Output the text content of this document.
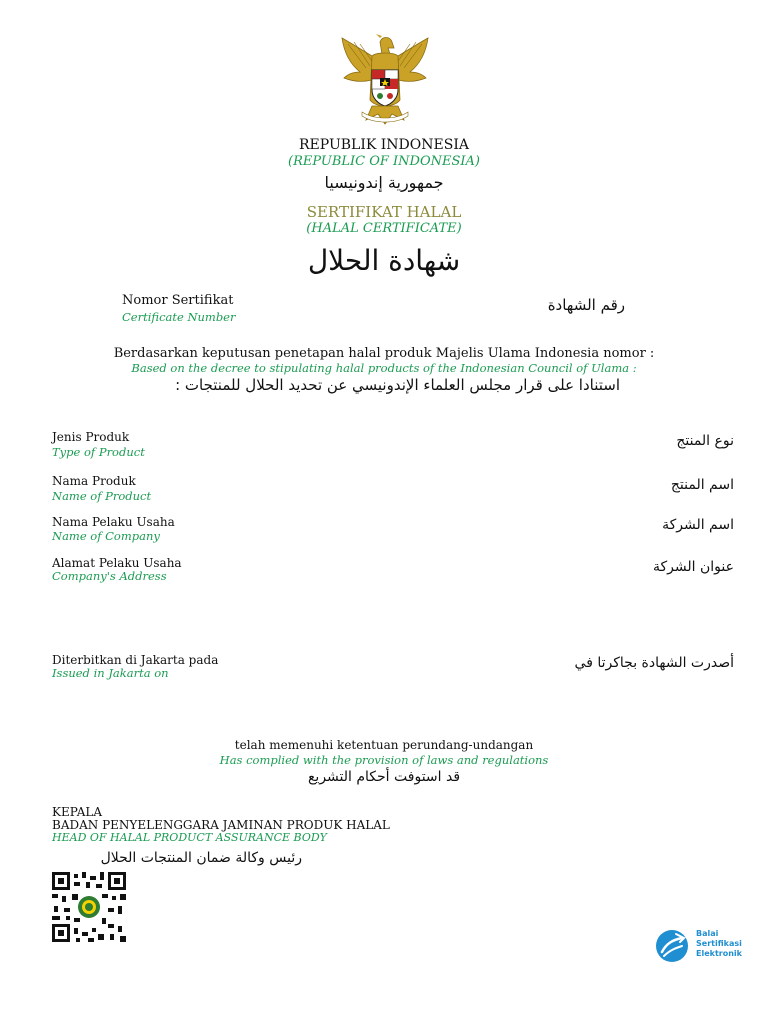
REPUBLIK INDONESIA
(REPUBLIC OF INDONESIA)
جمهورية إندونيسيا
SERTIFIKAT HALAL
(HALAL CERTIFICATE)
شهادة الحلال
Nomor Sertifikat
Certificate Number
رقم الشهادة
Berdasarkan keputusan penetapan halal produk Majelis Ulama Indonesia nomor :
Based on the decree to stipulating halal products of the Indonesian Council of Ulama :
استنادا على قرار مجلس العلماء الإندونيسي عن تحديد الحلال للمنتجات :
Jenis Produk
Type of Product
نوع المنتج
Nama Produk
Name of Product
اسم المنتج
Nama Pelaku Usaha
Name of Company
اسم الشركة
Alamat Pelaku Usaha
Company's Address
عنوان الشركة
Diterbitkan di Jakarta pada
Issued in Jakarta on
أصدرت الشهادة بجاكرتا في
telah memenuhi ketentuan perundang-undangan
Has complied with the provision of laws and regulations
قد استوفت أحكام التشريع
KEPALA
BADAN PENYELENGGARA JAMINAN PRODUK HALAL
HEAD OF HALAL PRODUCT ASSURANCE BODY
رئيس وكالة ضمان المنتجات الحلال
Balai
Sertifikasi
Elektronik
